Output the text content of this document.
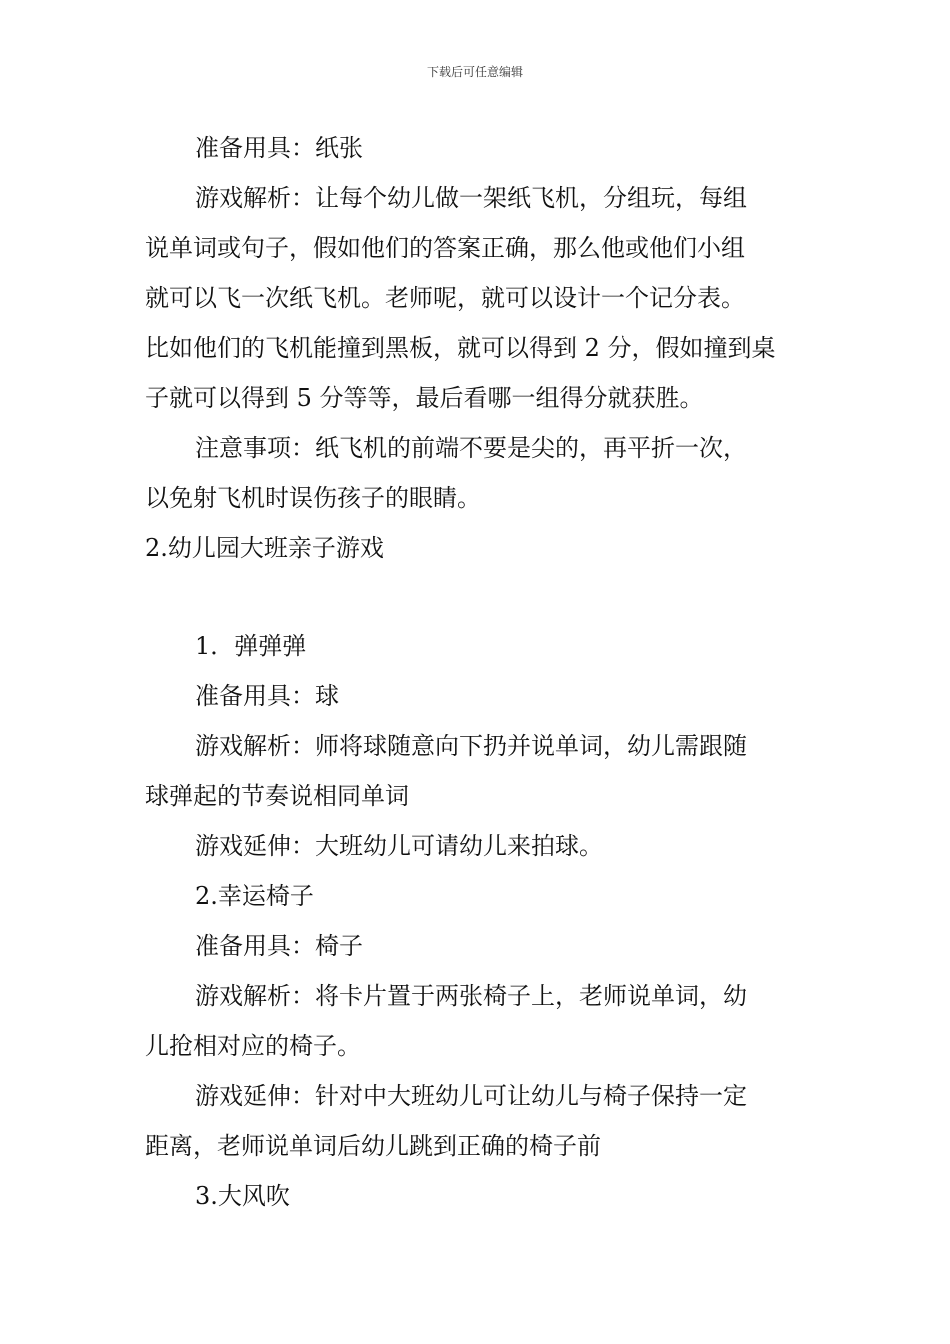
下载后可任意编辑
准备用具：纸张
游戏解析：让每个幼儿做一架纸飞机，分组玩，每组
说单词或句子，假如他们的答案正确，那么他或他们小组
就可以飞一次纸飞机。老师呢，就可以设计一个记分表。
比如他们的飞机能撞到黑板，就可以得到 2 分，假如撞到桌
子就可以得到 5 分等等，最后看哪一组得分就获胜。
注意事项：纸飞机的前端不要是尖的，再平折一次，
以免射飞机时误伤孩子的眼睛。
2.幼儿园大班亲子游戏
1．弹弹弹
准备用具：球
游戏解析：师将球随意向下扔并说单词，幼儿需跟随
球弹起的节奏说相同单词
游戏延伸：大班幼儿可请幼儿来拍球。
2.幸运椅子
准备用具：椅子
游戏解析：将卡片置于两张椅子上，老师说单词，幼
儿抢相对应的椅子。
游戏延伸：针对中大班幼儿可让幼儿与椅子保持一定
距离，老师说单词后幼儿跳到正确的椅子前
3.大风吹
